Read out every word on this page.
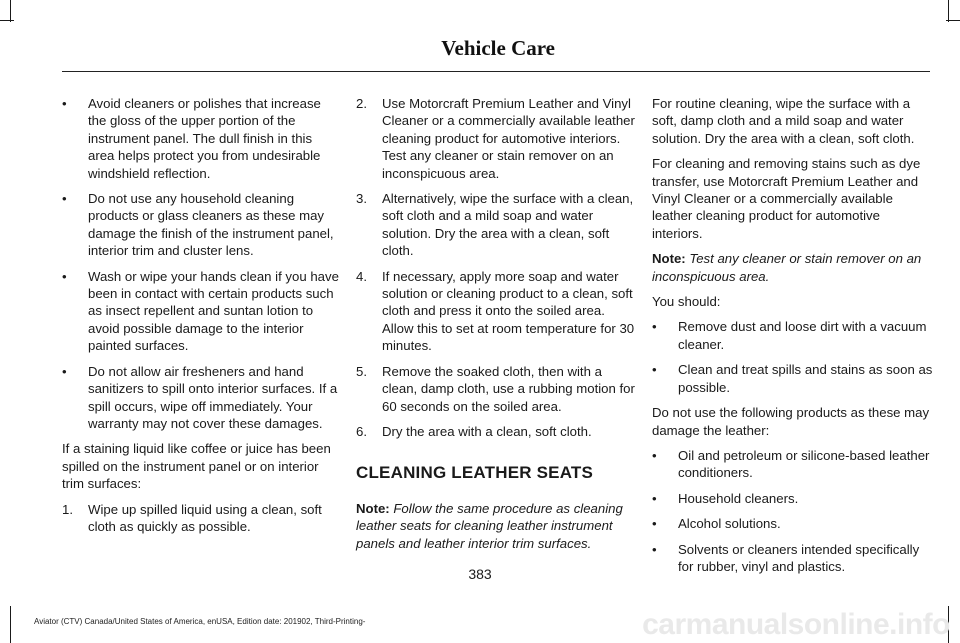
Vehicle Care
• Avoid cleaners or polishes that increase the gloss of the upper portion of the instrument panel. The dull finish in this area helps protect you from undesirable windshield reflection.
• Do not use any household cleaning products or glass cleaners as these may damage the finish of the instrument panel, interior trim and cluster lens.
• Wash or wipe your hands clean if you have been in contact with certain products such as insect repellent and suntan lotion to avoid possible damage to the interior painted surfaces.
• Do not allow air fresheners and hand sanitizers to spill onto interior surfaces. If a spill occurs, wipe off immediately. Your warranty may not cover these damages.

If a staining liquid like coffee or juice has been spilled on the instrument panel or on interior trim surfaces:

1. Wipe up spilled liquid using a clean, soft cloth as quickly as possible.
2. Use Motorcraft Premium Leather and Vinyl Cleaner or a commercially available leather cleaning product for automotive interiors. Test any cleaner or stain remover on an inconspicuous area.
3. Alternatively, wipe the surface with a clean, soft cloth and a mild soap and water solution. Dry the area with a clean, soft cloth.
4. If necessary, apply more soap and water solution or cleaning product to a clean, soft cloth and press it onto the soiled area. Allow this to set at room temperature for 30 minutes.
5. Remove the soaked cloth, then with a clean, damp cloth, use a rubbing motion for 60 seconds on the soiled area.
6. Dry the area with a clean, soft cloth.
CLEANING LEATHER SEATS

Note: Follow the same procedure as cleaning leather seats for cleaning leather instrument panels and leather interior trim surfaces.

For routine cleaning, wipe the surface with a soft, damp cloth and a mild soap and water solution. Dry the area with a clean, soft cloth.

For cleaning and removing stains such as dye transfer, use Motorcraft Premium Leather and Vinyl Cleaner or a commercially available leather cleaning product for automotive interiors.

Note: Test any cleaner or stain remover on an inconspicuous area.

You should:

• Remove dust and loose dirt with a vacuum cleaner.
• Clean and treat spills and stains as soon as possible.

Do not use the following products as these may damage the leather:

• Oil and petroleum or silicone-based leather conditioners.
• Household cleaners.
• Alcohol solutions.
• Solvents or cleaners intended specifically for rubber, vinyl and plastics.
383
Aviator (CTV) Canada/United States of America, enUSA, Edition date: 201902, Third-Printing-	carmanualsonline.info
